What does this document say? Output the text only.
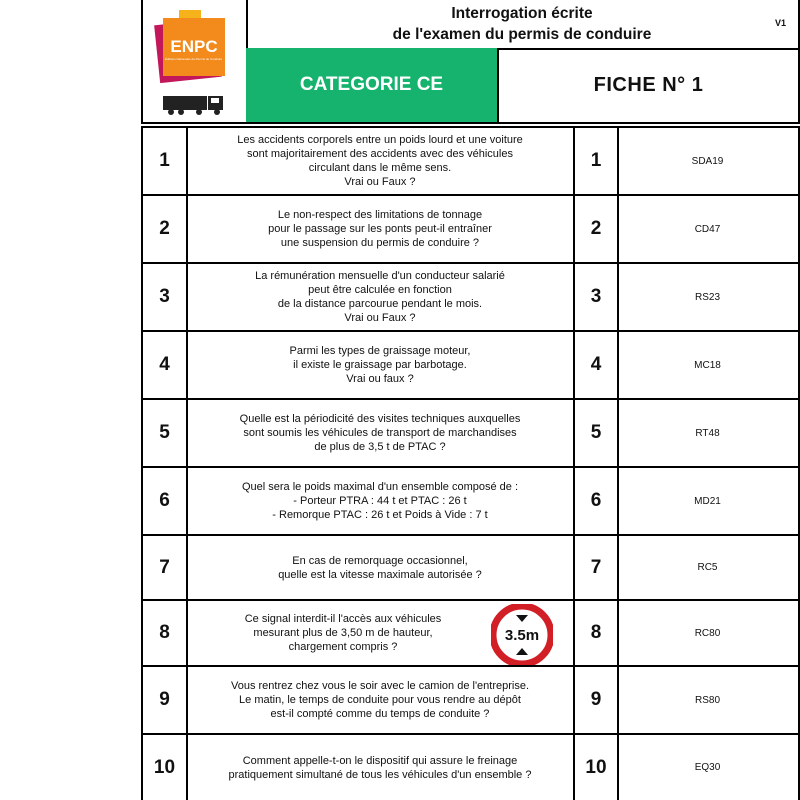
ENPC
Éditions Nationales du Permis de Conduire
Interrogation écrite
de l'examen du permis de conduire
V1
CATEGORIE CE	FICHE N° 1
1
Les accidents corporels entre un poids lourd et une voiture
sont majoritairement des accidents avec des véhicules
circulant dans le même sens.
Vrai ou Faux ?
1	SDA19
2
Le non-respect des limitations de tonnage
pour le passage sur les ponts peut-il entraîner
une suspension du permis de conduire ?
2	CD47
3
La rémunération mensuelle d'un conducteur salarié
peut être calculée en fonction
de la distance parcourue pendant le mois.
Vrai ou Faux ?
3	RS23
4
Parmi les types de graissage moteur,
il existe le graissage par barbotage.
Vrai ou faux ?
4	MC18
5
Quelle est la périodicité des visites techniques auxquelles
sont soumis les véhicules de transport de marchandises
de plus de 3,5 t de PTAC ?
5	RT48
6
Quel sera le poids maximal d'un ensemble composé de :
- Porteur PTRA : 44 t et PTAC : 26 t
- Remorque PTAC : 26 t et Poids à Vide : 7 t
6	MD21
7	En cas de remorquage occasionnel,
quelle est la vitesse maximale autorisée ?	7	RC5
8
Ce signal interdit-il l'accès aux véhicules
mesurant plus de 3,50 m de hauteur,
chargement compris ?
3.5m	8	RC80
9
Vous rentrez chez vous le soir avec le camion de l'entreprise.
Le matin, le temps de conduite pour vous rendre au dépôt
est-il compté comme du temps de conduite ?
9	RS80
10	Comment appelle-t-on le dispositif qui assure le freinage
pratiquement simultané de tous les véhicules d'un ensemble ?	10	EQ30
